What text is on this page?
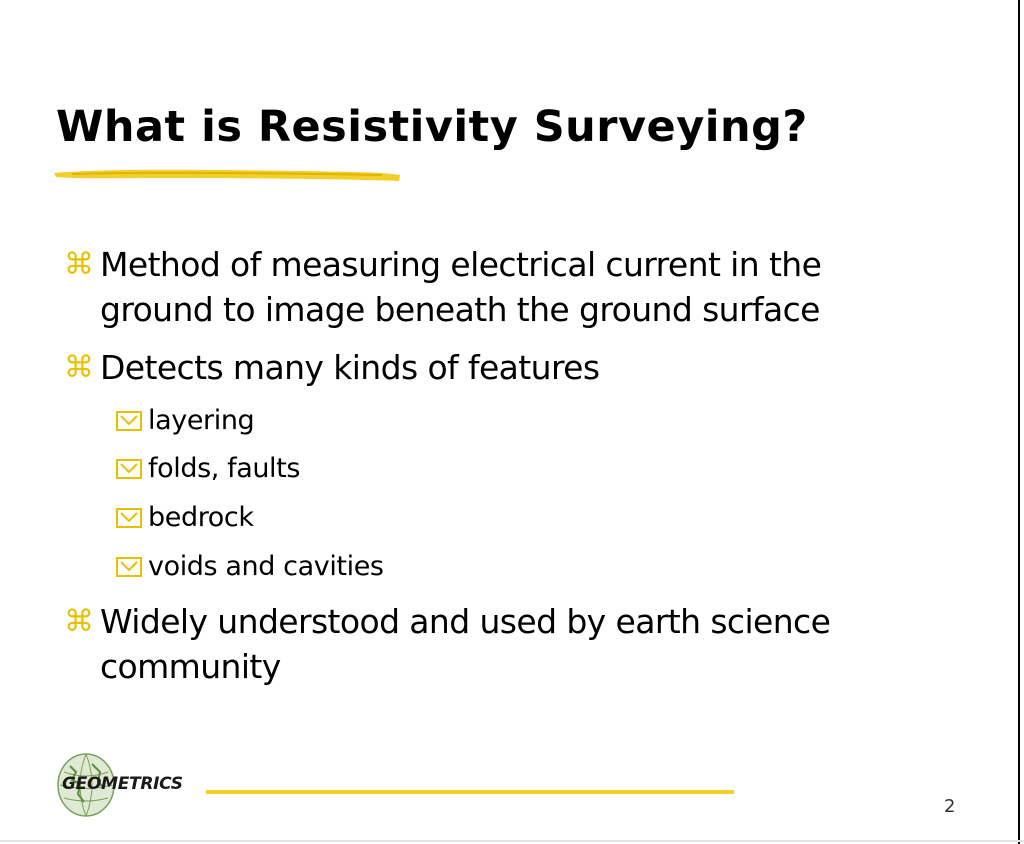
What is Resistivity Surveying?
⌘ Method of measuring electrical current in the ground to image beneath the ground surface
⌘ Detects many kinds of features
layering
folds, faults
bedrock
voids and cavities
⌘ Widely understood and used by earth science community
GEOMETRICS
2
